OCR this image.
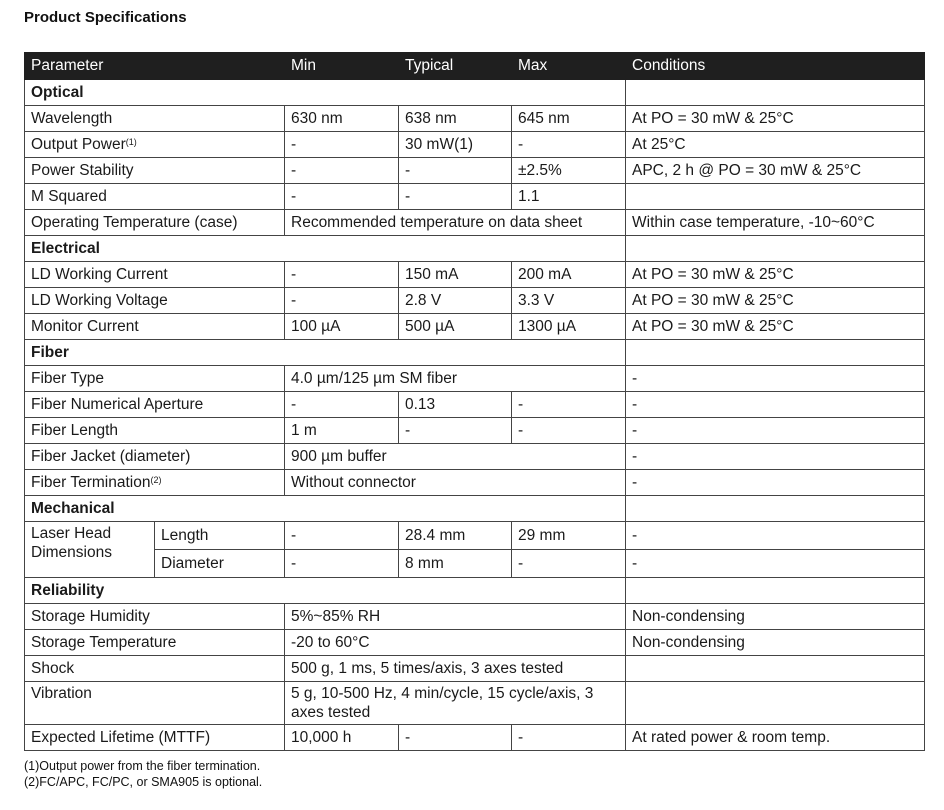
Product Specifications
Parameter		Min	Typical	Max	Conditions
Optical					
Wavelength		630 nm	638 nm	645 nm	At PO = 30 mW & 25°C
Output Power$^{(1)}$		-	30 mW(1)	-	At 25°C
Power Stability		-	-	±2.5%	APC, 2 h @ PO = 30 mW & 25°C
M Squared		-	-	1.1	
Operating Temperature (case)		Recommended temperature on data sheet			Within case temperature, -10~60°C
Electrical					
LD Working Current		-	150 mA	200 mA	At PO = 30 mW & 25°C
LD Working Voltage		-	2.8 V	3.3 V	At PO = 30 mW & 25°C
Monitor Current		100 µA	500 µA	1300 µA	At PO = 30 mW & 25°C
Fiber					
Fiber Type		4.0 µm/125 µm SM fiber			-
Fiber Numerical Aperture		-	0.13	-	-
Fiber Length		1 m	-	-	-
Fiber Jacket (diameter)		900 µm buffer			-
Fiber Termination$^{(2)}$		Without connector			-
Mechanical					
Laser Head Dimensions	Length	-	28.4 mm	29 mm	-
	Diameter	-	8 mm	-	-
Reliability					
Storage Humidity		5%~85% RH			Non-condensing
Storage Temperature		-20 to 60°C			Non-condensing
Shock		500 g, 1 ms, 5 times/axis, 3 axes tested			
Vibration		5 g, 10-500 Hz, 4 min/cycle, 15 cycle/axis, 3 axes tested			
Expected Lifetime (MTTF)		10,000 h	-	-	At rated power & room temp.
(1)Output power from the fiber termination.
(2)FC/APC, FC/PC, or SMA905 is optional.
